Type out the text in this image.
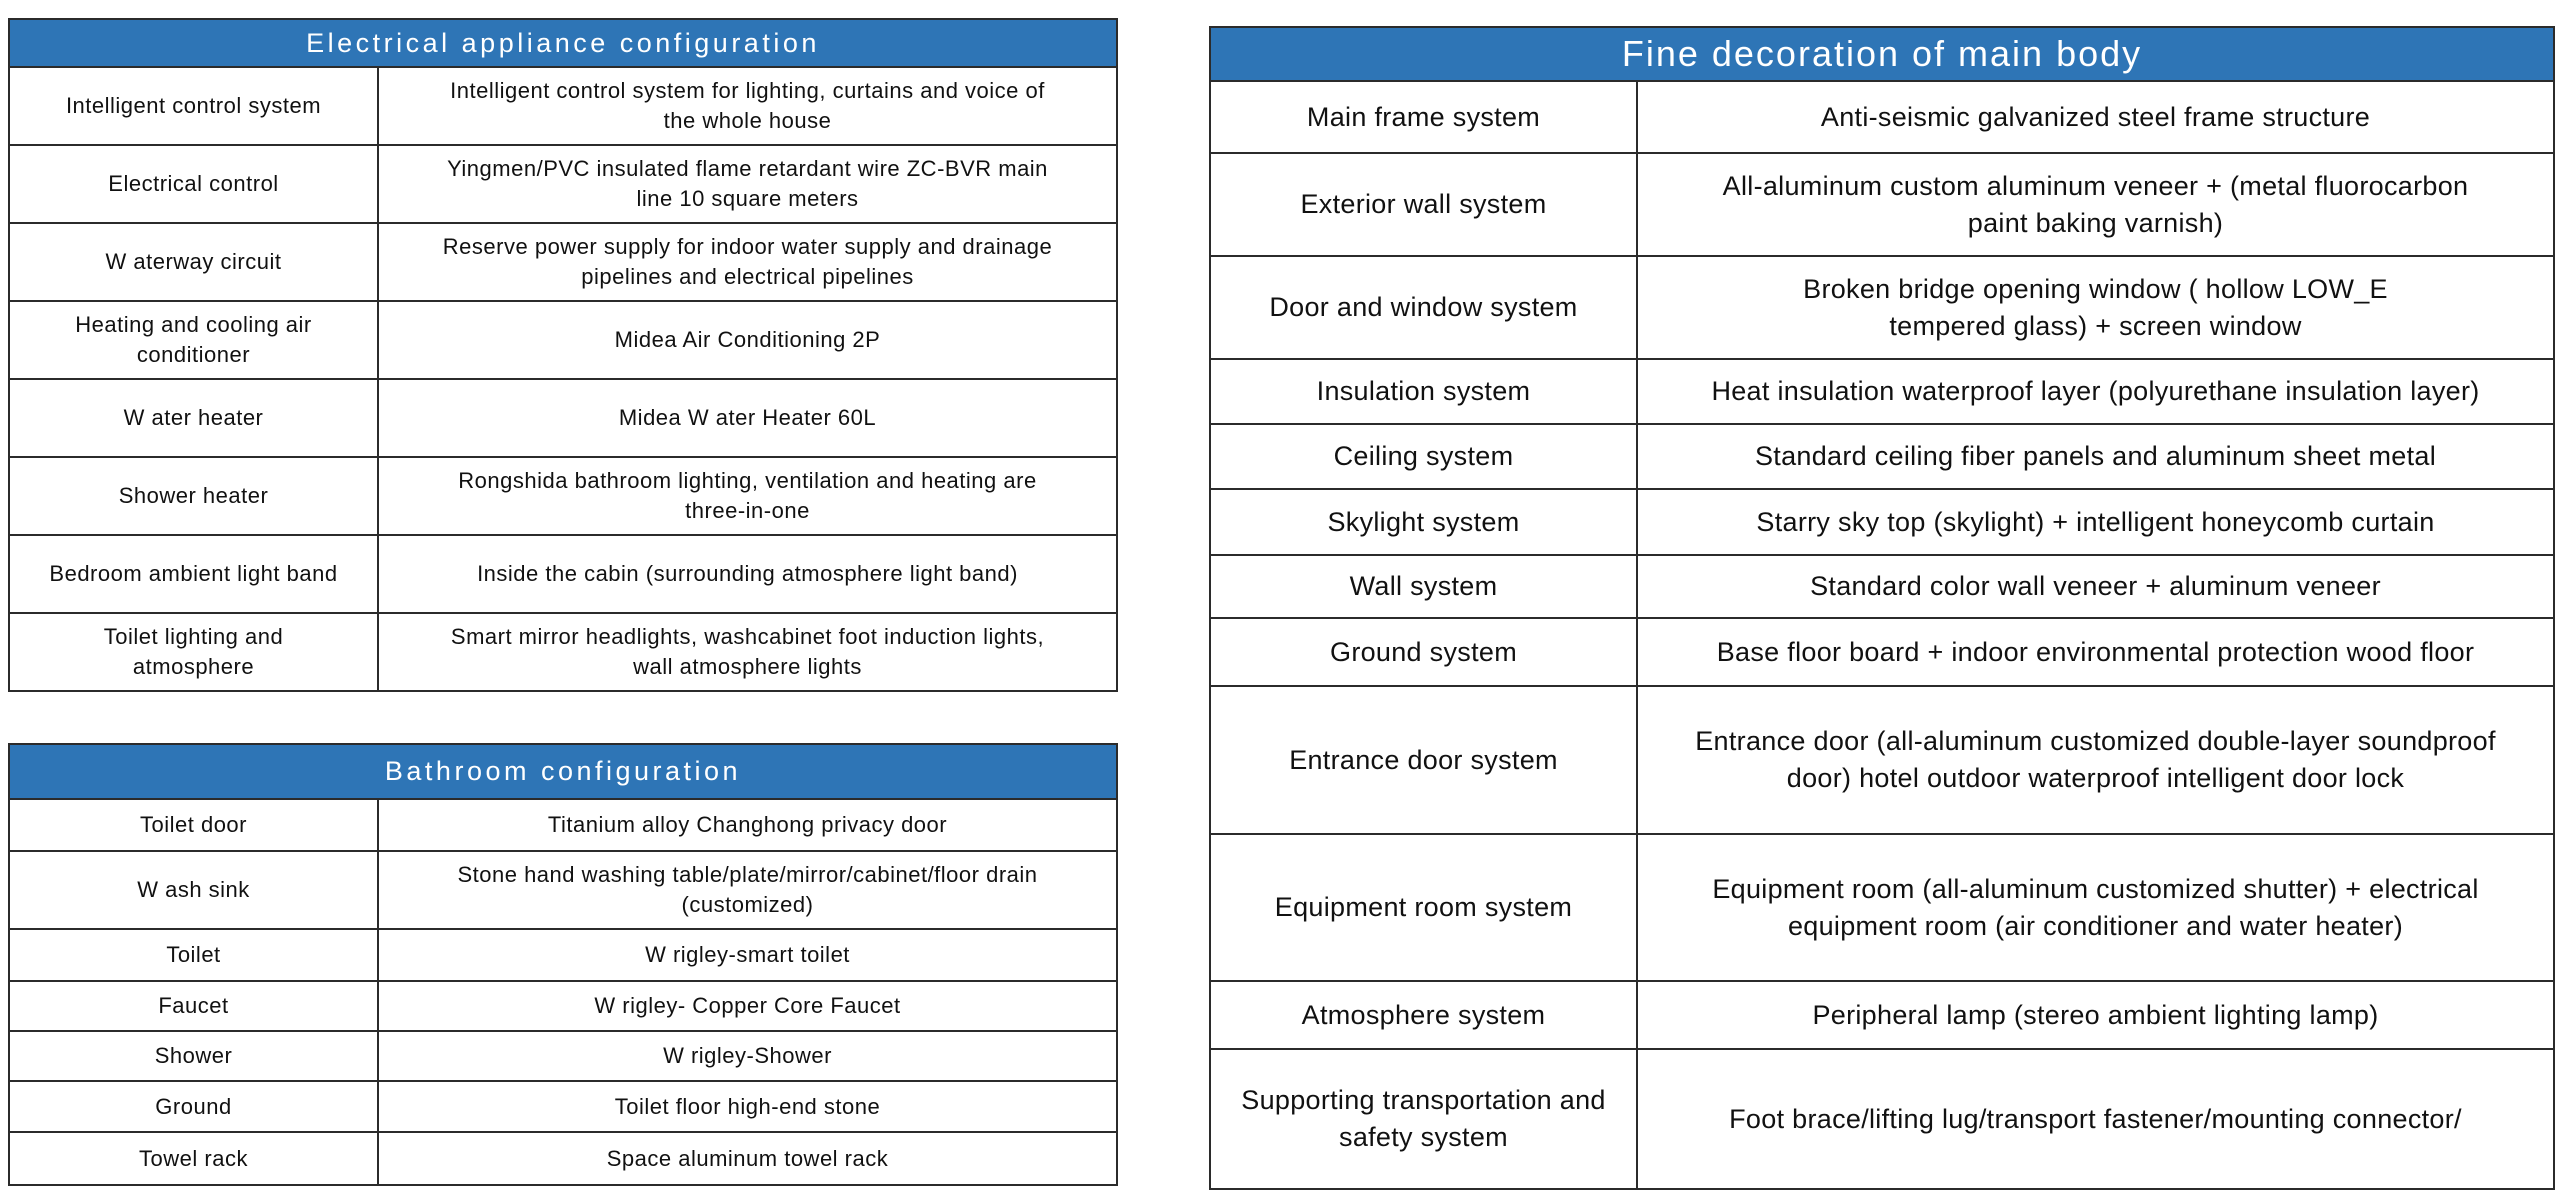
Electrical appliance configuration	
Intelligent control system	Intelligent control system for lighting, curtains and voice of
the whole house
Electrical control	Yingmen/PVC insulated flame retardant wire ZC-BVR main
line 10 square meters
W aterway circuit	Reserve power supply for indoor water supply and drainage
pipelines and electrical pipelines
Heating and cooling air
conditioner	Midea Air Conditioning 2P
W ater heater	Midea W ater Heater 60L
Shower heater	Rongshida bathroom lighting, ventilation and heating are
three-in-one
Bedroom ambient light band	Inside the cabin (surrounding atmosphere light band)
Toilet lighting and
atmosphere	Smart mirror headlights, washcabinet foot induction lights,
wall atmosphere lights
Bathroom configuration	
Toilet door	Titanium alloy Changhong privacy door
W ash sink	Stone hand washing table/plate/mirror/cabinet/floor drain
(customized)
Toilet	W rigley-smart toilet
Faucet	W rigley- Copper Core Faucet
Shower	W rigley-Shower
Ground	Toilet floor high-end stone
Towel rack	Space aluminum towel rack
Fine decoration of main body	
Main frame system	Anti-seismic galvanized steel frame structure
Exterior wall system	All-aluminum custom aluminum veneer + (metal fluorocarbon
paint baking varnish)
Door and window system	Broken bridge opening window ( hollow LOW_E
tempered glass) + screen window
Insulation system	Heat insulation waterproof layer (polyurethane insulation layer)
Ceiling system	Standard ceiling fiber panels and aluminum sheet metal
Skylight system	Starry sky top (skylight) + intelligent honeycomb curtain
Wall system	Standard color wall veneer + aluminum veneer
Ground system	Base floor board + indoor environmental protection wood floor
Entrance door system	Entrance door (all-aluminum customized double-layer soundproof
door) hotel outdoor waterproof intelligent door lock
Equipment room system	Equipment room (all-aluminum customized shutter) + electrical
equipment room (air conditioner and water heater)
Atmosphere system	Peripheral lamp (stereo ambient lighting lamp)
Supporting transportation and
safety system	Foot brace/lifting lug/transport fastener/mounting connector/
